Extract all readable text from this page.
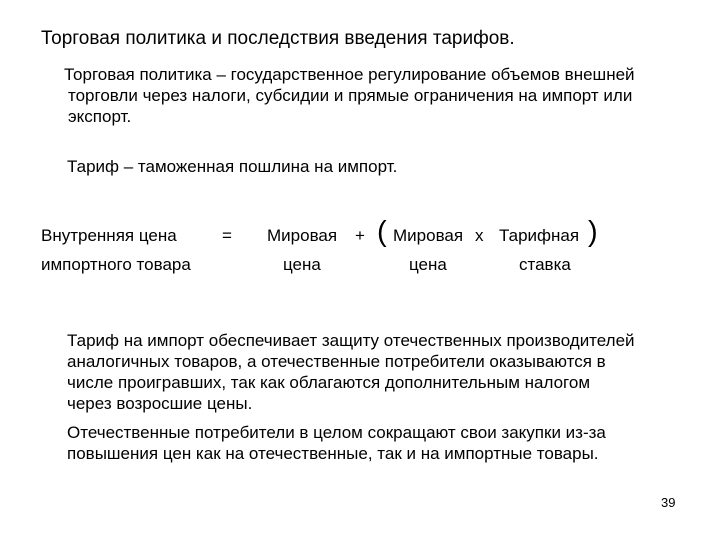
Торговая политика и последствия введения тарифов.
Торговая политика – государственное регулирование объемов внешней
торговли через налоги, субсидии и прямые ограничения на импорт или
экспорт.
Тариф – таможенная пошлина на импорт.
Внутренняя цена
импортного товара
= Мировая
цена
+ ( Мировая
цена
x Тарифная
ставка
)
Тариф на импорт обеспечивает защиту отечественных производителей
аналогичных товаров, а отечественные потребители оказываются в
числе проигравших, так как облагаются дополнительным налогом
через возросшие цены.
Отечественные потребители в целом сокращают свои закупки из-за
повышения цен как на отечественные, так и на импортные товары.
39
